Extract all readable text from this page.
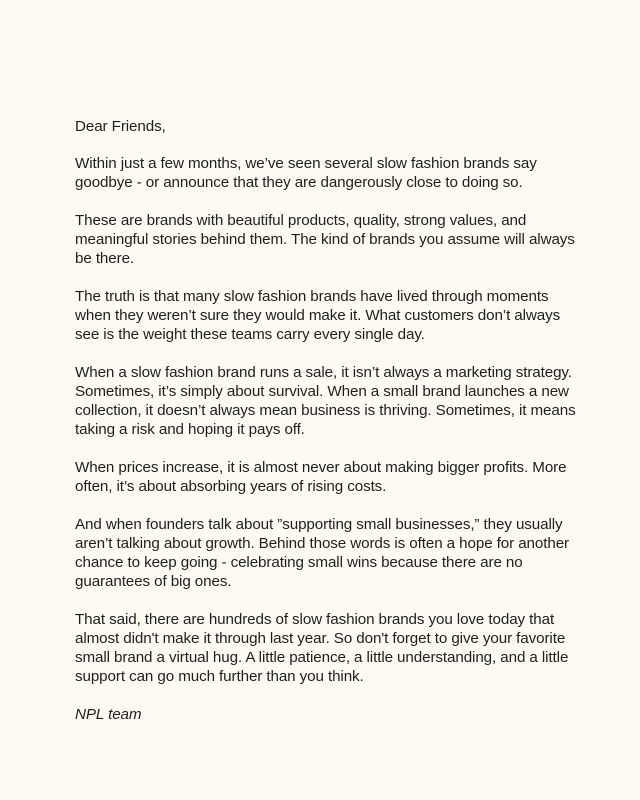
Dear Friends,

Within just a few months, we’ve seen several slow fashion brands say goodbye - or announce that they are dangerously close to doing so.

These are brands with beautiful products, quality, strong values, and meaningful stories behind them. The kind of brands you assume will always be there.

The truth is that many slow fashion brands have lived through moments when they weren’t sure they would make it. What customers don’t always see is the weight these teams carry every single day.

When a slow fashion brand runs a sale, it isn’t always a marketing strategy. Sometimes, it’s simply about survival. When a small brand launches a new collection, it doesn’t always mean business is thriving. Sometimes, it means taking a risk and hoping it pays off.

When prices increase, it is almost never about making bigger profits. More often, it’s about absorbing years of rising costs.

And when founders talk about ”supporting small businesses,” they usually aren’t talking about growth. Behind those words is often a hope for another chance to keep going - celebrating small wins because there are no guarantees of big ones.

That said, there are hundreds of slow fashion brands you love today that almost didn't make it through last year. So don't forget to give your favorite small brand a virtual hug. A little patience, a little understanding, and a little support can go much further than you think.

NPL team
